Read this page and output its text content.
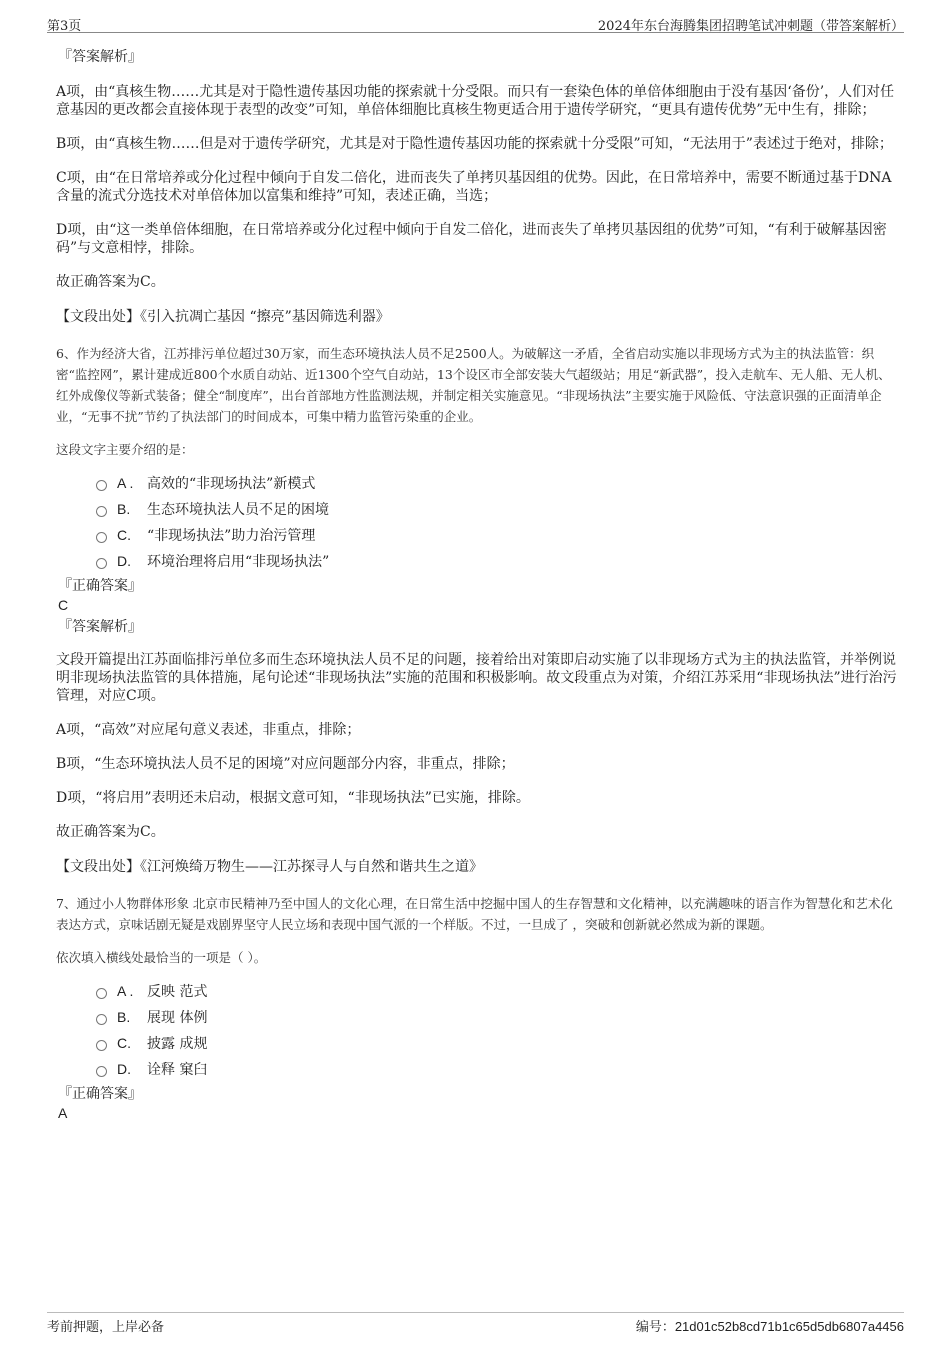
第3页	2024年东台海腾集团招聘笔试冲刺题（带答案解析）
『答案解析』

A项，由“真核生物……尤其是对于隐性遗传基因功能的探索就十分受限。而只有一套染色体的单倍体细胞由于没有基因‘备份’，人们对任意基因的更改都会直接体现于表型的改变”可知，单倍体细胞比真核生物更适合用于遗传学研究，“更具有遗传优势”无中生有，排除；

B项，由“真核生物……但是对于遗传学研究，尤其是对于隐性遗传基因功能的探索就十分受限”可知，“无法用于”表述过于绝对，排除；

C项，由“在日常培养或分化过程中倾向于自发二倍化，进而丧失了单拷贝基因组的优势。因此，在日常培养中，需要不断通过基于DNA含量的流式分选技术对单倍体加以富集和维持”可知，表述正确，当选；

D项，由“这一类单倍体细胞，在日常培养或分化过程中倾向于自发二倍化，进而丧失了单拷贝基因组的优势”可知，“有利于破解基因密码”与文意相悖，排除。

故正确答案为C。

【文段出处】《引入抗凋亡基因 “擦亮”基因筛选利器》

6、作为经济大省，江苏排污单位超过30万家，而生态环境执法人员不足2500人。为破解这一矛盾，全省启动实施以非现场方式为主的执法监管：织密“监控网”，累计建成近800个水质自动站、近1300个空气自动站，13个设区市全部安装大气超级站；用足“新武器”，投入走航车、无人船、无人机、红外成像仪等新式装备；健全“制度库”，出台首部地方性监测法规，并制定相关实施意见。“非现场执法”主要实施于风险低、守法意识强的正面清单企业，“无事不扰”节约了执法部门的时间成本，可集中精力监管污染重的企业。

这段文字主要介绍的是：

A . 高效的“非现场执法”新模式
B. 生态环境执法人员不足的困境
C. “非现场执法”助力治污管理
D. 环境治理将启用“非现场执法”
『正确答案』
C
『答案解析』

文段开篇提出江苏面临排污单位多而生态环境执法人员不足的问题，接着给出对策即启动实施了以非现场方式为主的执法监管，并举例说明非现场执法监管的具体措施，尾句论述“非现场执法”实施的范围和积极影响。故文段重点为对策，介绍江苏采用“非现场执法”进行治污管理，对应C项。

A项，“高效”对应尾句意义表述，非重点，排除；

B项，“生态环境执法人员不足的困境”对应问题部分内容，非重点，排除；

D项，“将启用”表明还未启动，根据文意可知，“非现场执法”已实施，排除。

故正确答案为C。

【文段出处】《江河焕绮万物生——江苏探寻人与自然和谐共生之道》

7、通过小人物群体形象 北京市民精神乃至中国人的文化心理，在日常生活中挖掘中国人的生存智慧和文化精神，以充满趣味的语言作为智慧化和艺术化表达方式，京味话剧无疑是戏剧界坚守人民立场和表现中国气派的一个样版。不过，一旦成了 ，突破和创新就必然成为新的课题。

依次填入横线处最恰当的一项是（ ）。

A . 反映 范式
B. 展现 体例
C. 披露 成规
D. 诠释 窠臼
『正确答案』
A
考前押题，上岸必备	编号：21d01c52b8cd71b1c65d5db6807a4456
